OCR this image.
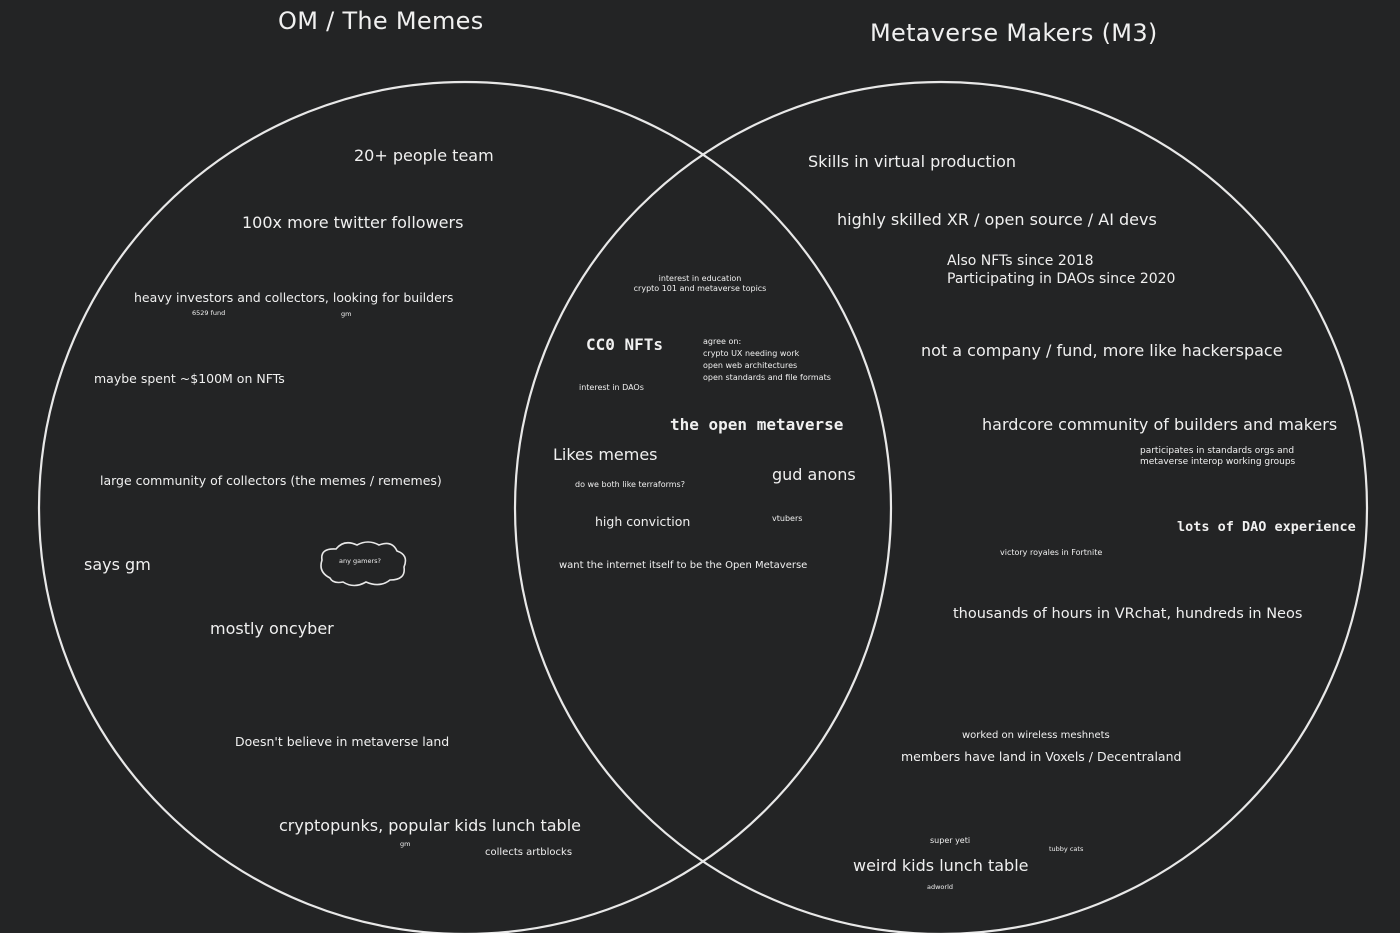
OM / The Memes	Metaverse Makers (M3)
20+ people team
100x more twitter followers
heavy investors and collectors, looking for builders
6529 fund	gm
maybe spent ~$100M on NFTs
large community of collectors (the memes / rememes)
says gm	any gamers?
mostly oncyber
Doesn't believe in metaverse land
cryptopunks, popular kids lunch table
gm
collects artblocks
interest in education
crypto 101 and metaverse topics
CC0 NFTs	agree on:
crypto UX needing work
open web architectures
open standards and file formats
interest in DAOs
the open metaverse
Likes memes
gud anons
do we both like terraforms?
high conviction	vtubers
want the internet itself to be the Open Metaverse
Skills in virtual production
highly skilled XR / open source / AI devs
Also NFTs since 2018
Participating in DAOs since 2020
not a company / fund, more like hackerspace
hardcore community of builders and makers
participates in standards orgs and
metaverse interop working groups
lots of DAO experience
victory royales in Fortnite
thousands of hours in VRchat, hundreds in Neos
worked on wireless meshnets
members have land in Voxels / Decentraland
super yeti
tubby cats
weird kids lunch table
adworld
